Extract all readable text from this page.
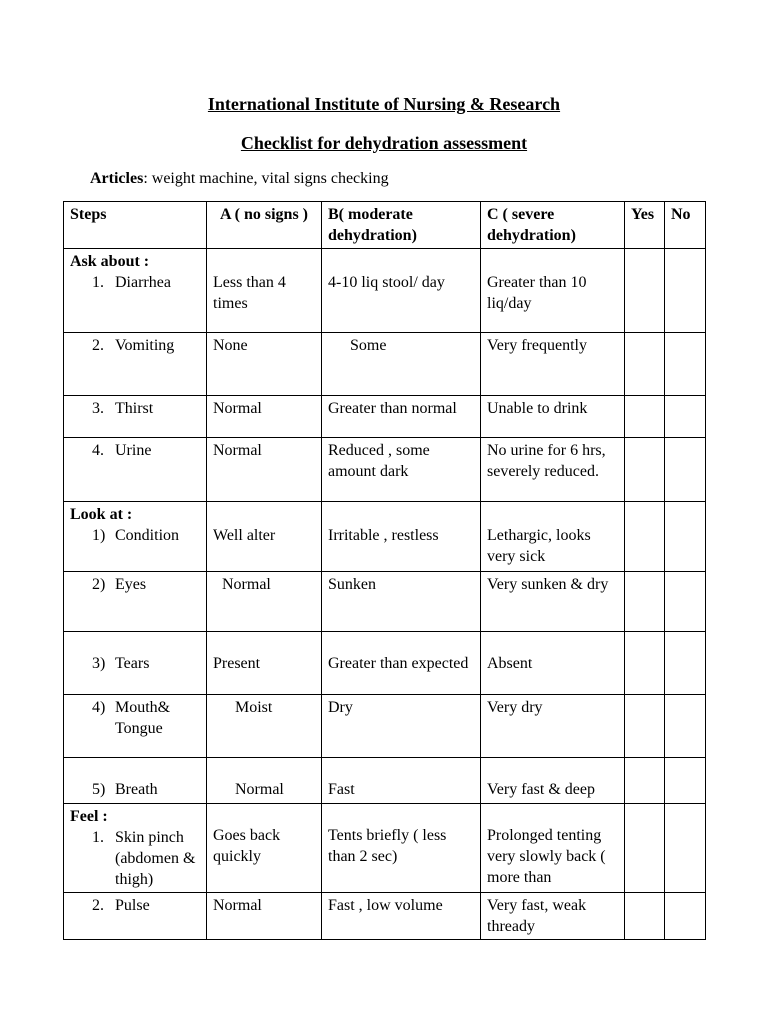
International Institute of Nursing & Research
Checklist for dehydration assessment
Articles: weight machine, vital signs checking
Steps	A ( no signs )	B( moderate dehydration)	C ( severe dehydration)	Yes	No

Ask about :
1. Diarrhea	Less than 4 times	4-10 liq stool/ day	Greater than 10 liq/day		

2. Vomiting	None	Some	Very frequently		

3. Thirst	Normal	Greater than normal	Unable to drink		

4. Urine	Normal	Reduced , some amount dark	No urine for 6 hrs, severely reduced.		

Look at :
1) Condition	Well alter	Irritable , restless	Lethargic, looks very sick		

2) Eyes	Normal	Sunken	Very sunken & dry		

3) Tears	Present	Greater than expected	Absent		

4) Mouth& Tongue	Moist	Dry	Very dry		

5) Breath	Normal	Fast	Very fast & deep		

Feel :
1. Skin pinch (abdomen & thigh)	Goes back quickly	Tents briefly ( less than 2 sec)	Prolonged tenting very slowly back ( more than		

2. Pulse	Normal	Fast , low volume	Very fast, weak thready		
